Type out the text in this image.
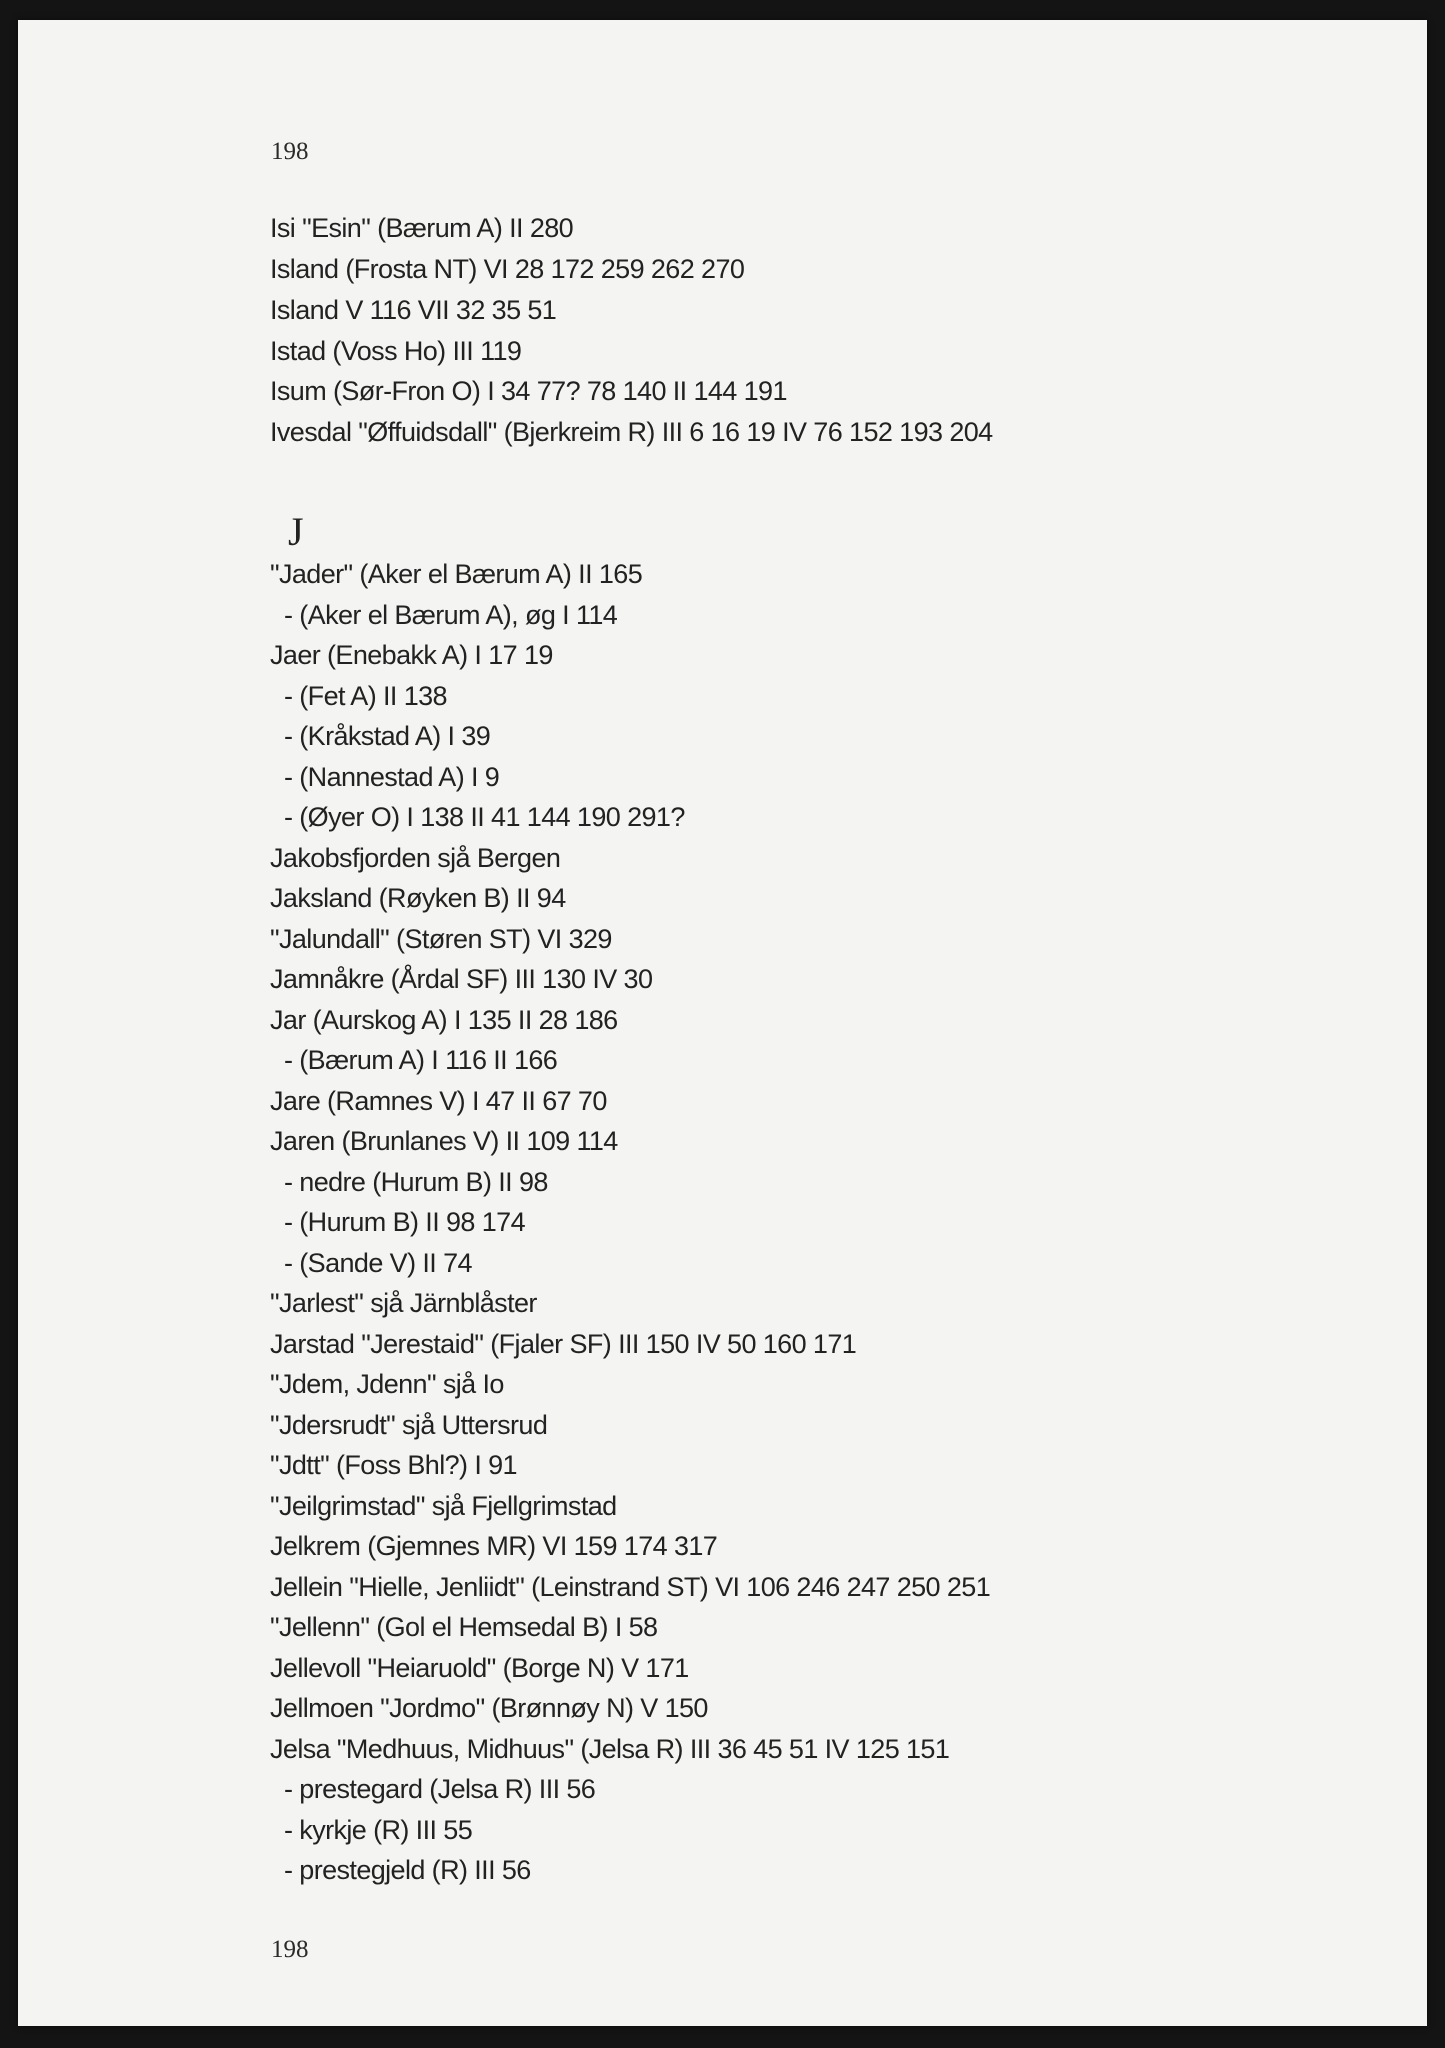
198
Isi "Esin" (Bærum A) II 280
Island (Frosta NT) VI 28 172 259 262 270
Island V 116 VII 32 35 51
Istad (Voss Ho) III 119
Isum (Sør-Fron O) I 34 77? 78 140 II 144 191
Ivesdal "Øffuidsdall" (Bjerkreim R) III 6 16 19 IV 76 152 193 204
"Jader" (Aker el Bærum A) II 165
- (Aker el Bærum A), øg I 114
Jaer (Enebakk A) I 17 19
- (Fet A) II 138
- (Kråkstad A) I 39
- (Nannestad A) I 9
- (Øyer O) I 138 II 41 144 190 291?
Jakobsfjorden sjå Bergen
Jaksland (Røyken B) II 94
"Jalundall" (Støren ST) VI 329
Jamnåkre (Årdal SF) III 130 IV 30
Jar (Aurskog A) I 135 II 28 186
- (Bærum A) I 116 II 166
Jare (Ramnes V) I 47 II 67 70
Jaren (Brunlanes V) II 109 114
- nedre (Hurum B) II 98
- (Hurum B) II 98 174
- (Sande V) II 74
"Jarlest" sjå Järnblåster
Jarstad "Jerestaid" (Fjaler SF) III 150 IV 50 160 171
"Jdem, Jdenn" sjå Io
"Jdersrudt" sjå Uttersrud
"Jdtt" (Foss Bhl?) I 91
"Jeilgrimstad" sjå Fjellgrimstad
Jelkrem (Gjemnes MR) VI 159 174 317
Jellein "Hielle, Jenliidt" (Leinstrand ST) VI 106 246 247 250 251
"Jellenn" (Gol el Hemsedal B) I 58
Jellevoll "Heiaruold" (Borge N) V 171
Jellmoen "Jordmo" (Brønnøy N) V 150
Jelsa "Medhuus, Midhuus" (Jelsa R) III 36 45 51 IV 125 151
- prestegard (Jelsa R) III 56
- kyrkje (R) III 55
- prestegjeld (R) III 56
J
198
